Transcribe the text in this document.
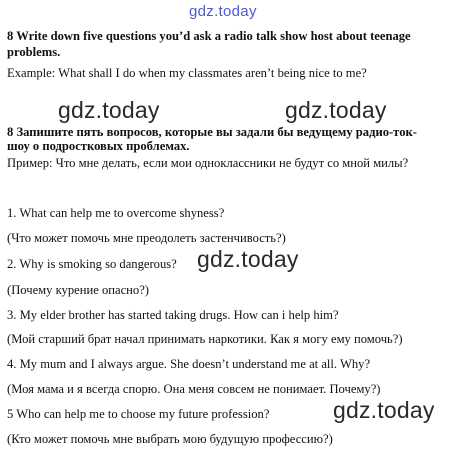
gdz.today
8 Write down five questions you’d ask a radio talk show host about teenage
problems.
Example: What shall I do when my classmates aren’t being nice to me?
gdz.today	gdz.today
8 Запишите пять вопросов, которые вы задали бы ведущему радио-ток-
шоу о подростковых проблемах.
Пример: Что мне делать, если мои одноклассники не будут со мной милы?
1. What can help me to overcome shyness?
(Что может помочь мне преодолеть застенчивость?)
2. Why is smoking so dangerous? gdz.today
(Почему курение опасно?)
3. My elder brother has started taking drugs. How can i help him?
(Мой старший брат начал принимать наркотики. Как я могу ему помочь?)
4. My mum and I always argue. She doesn’t understand me at all. Why?
(Моя мама и я всегда спорю. Она меня совсем не понимает. Почему?)
5 Who can help me to choose my future profession?	gdz.today
(Кто может помочь мне выбрать мою будущую профессию?)
